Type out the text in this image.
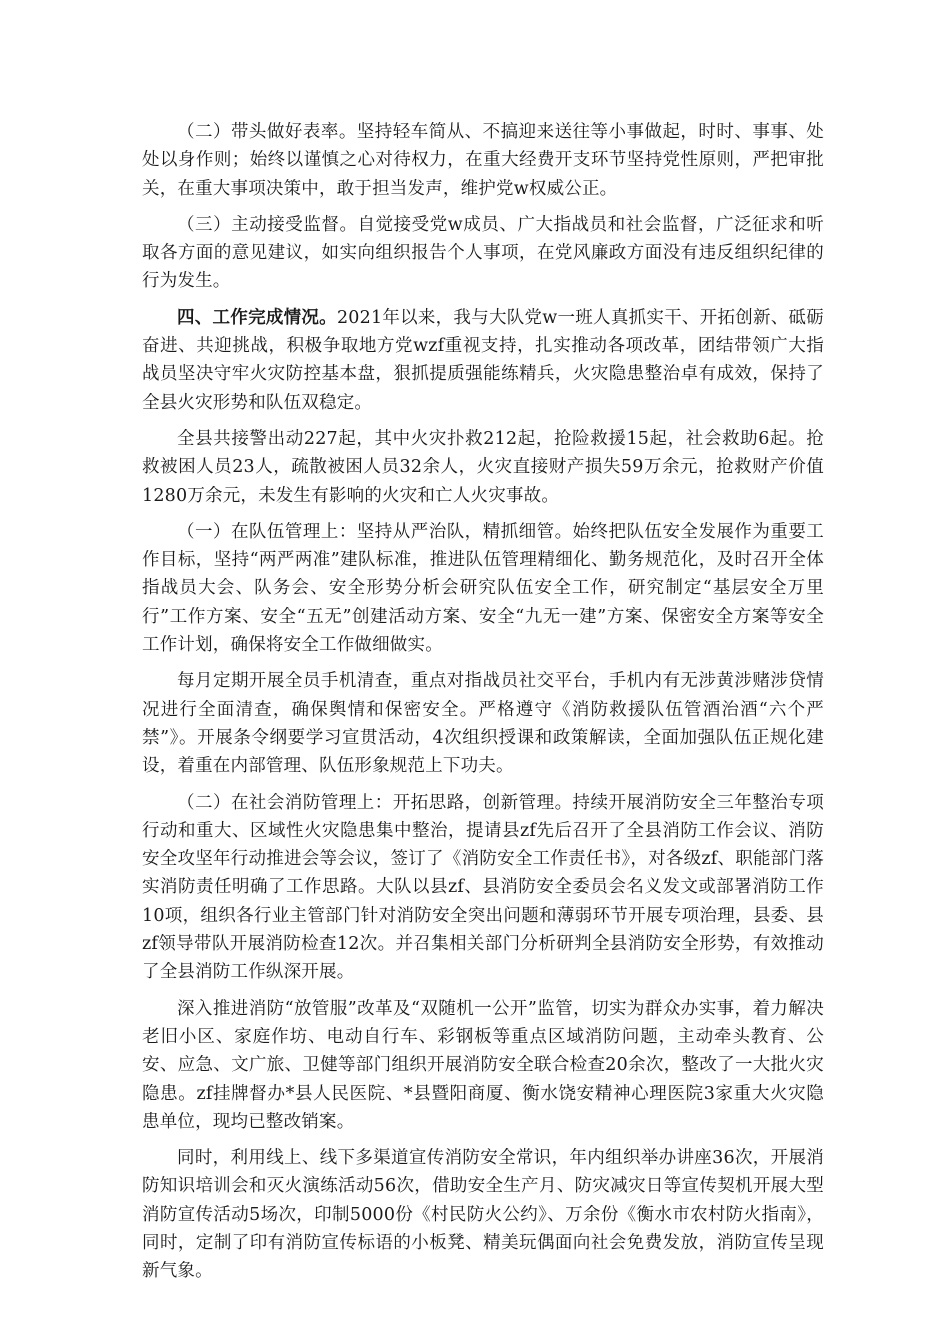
（二）带头做好表率。坚持轻车简从、不搞迎来送往等小事做起，时时、事事、处处以身作则；始终以谨慎之心对待权力，在重大经费开支环节坚持党性原则，严把审批关，在重大事项决策中，敢于担当发声，维护党w权威公正。

（三）主动接受监督。自觉接受党w成员、广大指战员和社会监督，广泛征求和听取各方面的意见建议，如实向组织报告个人事项，在党风廉政方面没有违反组织纪律的行为发生。

四、工作完成情况。2021年以来，我与大队党w一班人真抓实干、开拓创新、砥砺奋进、共迎挑战，积极争取地方党wzf重视支持，扎实推动各项改革，团结带领广大指战员坚决守牢火灾防控基本盘，狠抓提质强能练精兵，火灾隐患整治卓有成效，保持了全县火灾形势和队伍双稳定。

全县共接警出动227起，其中火灾扑救212起，抢险救援15起，社会救助6起。抢救被困人员23人，疏散被困人员32余人，火灾直接财产损失59万余元，抢救财产价值1280万余元，未发生有影响的火灾和亡人火灾事故。

（一）在队伍管理上：坚持从严治队，精抓细管。始终把队伍安全发展作为重要工作目标，坚持“两严两准”建队标准，推进队伍管理精细化、勤务规范化，及时召开全体指战员大会、队务会、安全形势分析会研究队伍安全工作，研究制定“基层安全万里行”工作方案、安全“五无”创建活动方案、安全“九无一建”方案、保密安全方案等安全工作计划，确保将安全工作做细做实。

每月定期开展全员手机清查，重点对指战员社交平台，手机内有无涉黄涉赌涉贷情况进行全面清查，确保舆情和保密安全。严格遵守《消防救援队伍管酒治酒“六个严禁”》。开展条令纲要学习宣贯活动，4次组织授课和政策解读，全面加强队伍正规化建设，着重在内部管理、队伍形象规范上下功夫。

（二）在社会消防管理上：开拓思路，创新管理。持续开展消防安全三年整治专项行动和重大、区域性火灾隐患集中整治，提请县zf先后召开了全县消防工作会议、消防安全攻坚年行动推进会等会议，签订了《消防安全工作责任书》，对各级zf、职能部门落实消防责任明确了工作思路。大队以县zf、县消防安全委员会名义发文或部署消防工作10项，组织各行业主管部门针对消防安全突出问题和薄弱环节开展专项治理，县委、县zf领导带队开展消防检查12次。并召集相关部门分析研判全县消防安全形势，有效推动了全县消防工作纵深开展。

深入推进消防“放管服”改革及“双随机一公开”监管，切实为群众办实事，着力解决老旧小区、家庭作坊、电动自行车、彩钢板等重点区域消防问题，主动牵头教育、公安、应急、文广旅、卫健等部门组织开展消防安全联合检查20余次，整改了一大批火灾隐患。zf挂牌督办*县人民医院、*县暨阳商厦、衡水饶安精神心理医院3家重大火灾隐患单位，现均已整改销案。

同时，利用线上、线下多渠道宣传消防安全常识，年内组织举办讲座36次，开展消防知识培训会和灭火演练活动56次，借助安全生产月、防灾减灾日等宣传契机开展大型消防宣传活动5场次，印制5000份《村民防火公约》、万余份《衡水市农村防火指南》，同时，定制了印有消防宣传标语的小板凳、精美玩偶面向社会免费发放，消防宣传呈现新气象。
